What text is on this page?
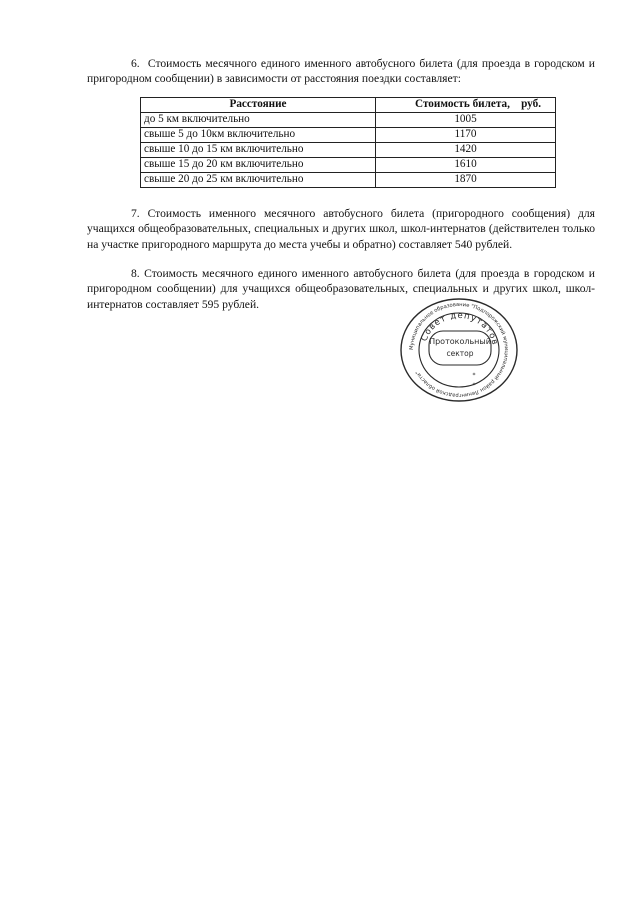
6.  Стоимость месячного единого именного автобусного билета (для проезда в городском и пригородном сообщении) в зависимости от расстояния поездки составляет:

Расстояние	Стоимость билета,    руб.
до 5 км включительно	1005
свыше 5 до 10км включительно	1170
свыше 10 до 15 км включительно	1420
свыше 15 до 20 км включительно	1610
свыше 20 до 25 км включительно	1870

7. Стоимость именного месячного автобусного билета (пригородного сообщения) для учащихся общеобразовательных, специальных и других школ, школ-интернатов (действителен только на участке пригородного маршрута до места учебы и обратно) составляет 540 рублей.

8. Стоимость месячного единого именного автобусного билета (для проезда в городском и пригородном сообщении) для учащихся общеобразовательных, специальных и других школ, школ-интернатов составляет 595 рублей.

Муниципальное образование "Подпорожский муниципальный район Ленинградской области"
Совет депутатов
Протокольный
сектор
*
*
